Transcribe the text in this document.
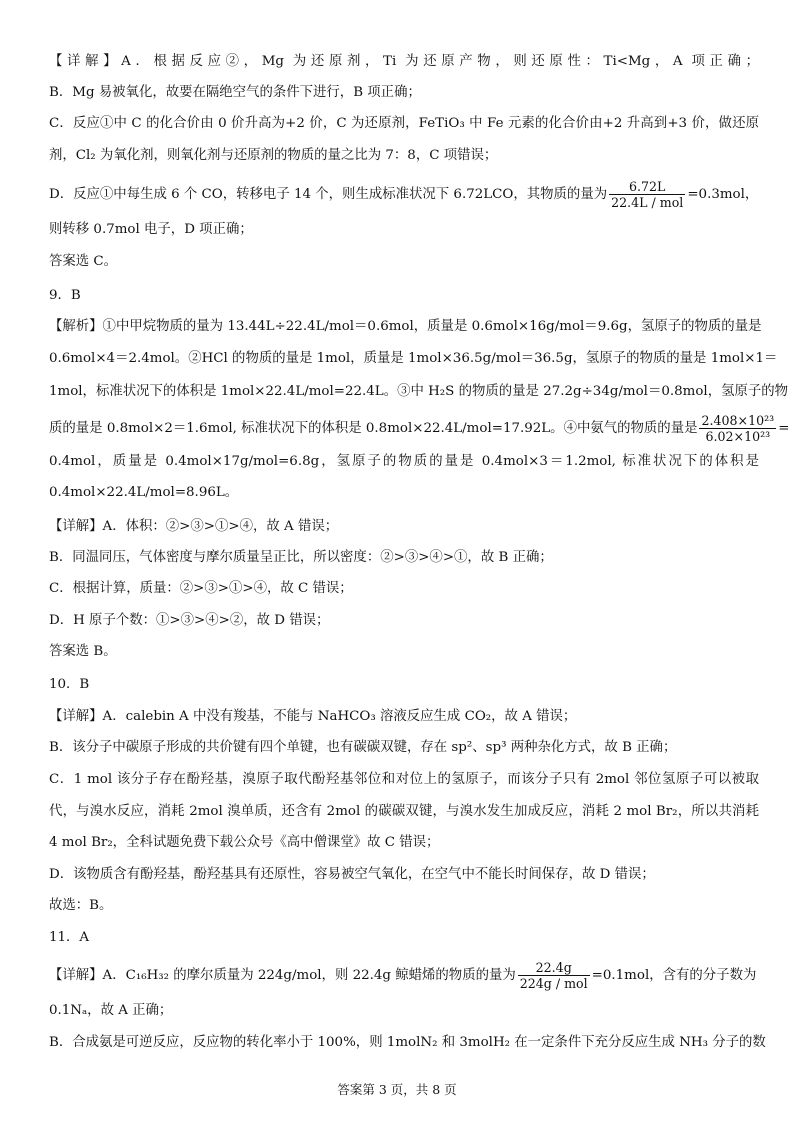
【详解】A．根据反应②，Mg 为还原剂，Ti 为还原产物，则还原性：Ti<Mg，A 项正确；
B．Mg 易被氧化，故要在隔绝空气的条件下进行，B 项正确；
C．反应①中 C 的化合价由 0 价升高为+2 价，C 为还原剂，FeTiO₃ 中 Fe 元素的化合价由+2 升高到+3 价，做还原
剂，Cl₂ 为氧化剂，则氧化剂与还原剂的物质的量之比为 7：8，C 项错误；
D．反应①中每生成 6 个 CO，转移电子 14 个，则生成标准状况下 6.72LCO，其物质的量为 $\frac{6.72L}{\text{22.4L / mol}} =0.3mol$，
则转移 0.7mol 电子，D 项正确；
答案选 C。
9．B
【解析】①中甲烷物质的量为 13.44L÷22.4L/mol＝0.6mol，质量是 0.6mol×16g/mol＝9.6g，氢原子的物质的量是
0.6mol×4＝2.4mol。②HCl 的物质的量是 1mol，质量是 1mol×36.5g/mol＝36.5g，氢原子的物质的量是 1mol×1＝
1mol，标准状况下的体积是 1mol×22.4L/mol=22.4L。③中 H₂S 的物质的量是 27.2g÷34g/mol＝0.8mol，氢原子的物
质的量是 0.8mol×2＝1.6mol, 标准状况下的体积是 0.8mol×22.4L/mol=17.92L。④中氨气的物质的量是 $\frac{\text{2.408×10²³}}{\text{6.02×10²³}}$ =
0.4mol，质量是 0.4mol×17g/mol=6.8g，氢原子的物质的量是 0.4mol×3＝1.2mol, 标准状况下的体积是
0.4mol×22.4L/mol=8.96L。
【详解】A．体积：②>③>①>④，故 A 错误；
B．同温同压，气体密度与摩尔质量呈正比，所以密度：②>③>④>①，故 B 正确；
C．根据计算，质量：②>③>①>④，故 C 错误；
D．H 原子个数：①>③>④>②，故 D 错误；
答案选 B。
10．B
【详解】A．calebin A 中没有羧基，不能与 NaHCO₃ 溶液反应生成 CO₂，故 A 错误；
B．该分子中碳原子形成的共价键有四个单键，也有碳碳双键，存在 sp²、sp³ 两种杂化方式，故 B 正确；
C．1 mol 该分子存在酚羟基，溴原子取代酚羟基邻位和对位上的氢原子，而该分子只有 2mol 邻位氢原子可以被取
代，与溴水反应，消耗 2mol 溴单质，还含有 2mol 的碳碳双键，与溴水发生加成反应，消耗 2 mol Br₂，所以共消耗
4 mol Br₂，全科试题免费下载公众号《高中僧课堂》故 C 错误；
D．该物质含有酚羟基，酚羟基具有还原性，容易被空气氧化，在空气中不能长时间保存，故 D 错误；
故选：B。
11．A
【详解】A．C₁₆H₃₂ 的摩尔质量为 224g/mol，则 22.4g 鲸蜡烯的物质的量为 $\frac{22.4g}{\text{224g / mol}} =0.1mol$，含有的分子数为
0.1Nₐ，故 A 正确；
B．合成氨是可逆反应，反应物的转化率小于 100%，则 1molN₂ 和 3molH₂ 在一定条件下充分反应生成 NH₃ 分子的数
答案第 3 页，共 8 页
